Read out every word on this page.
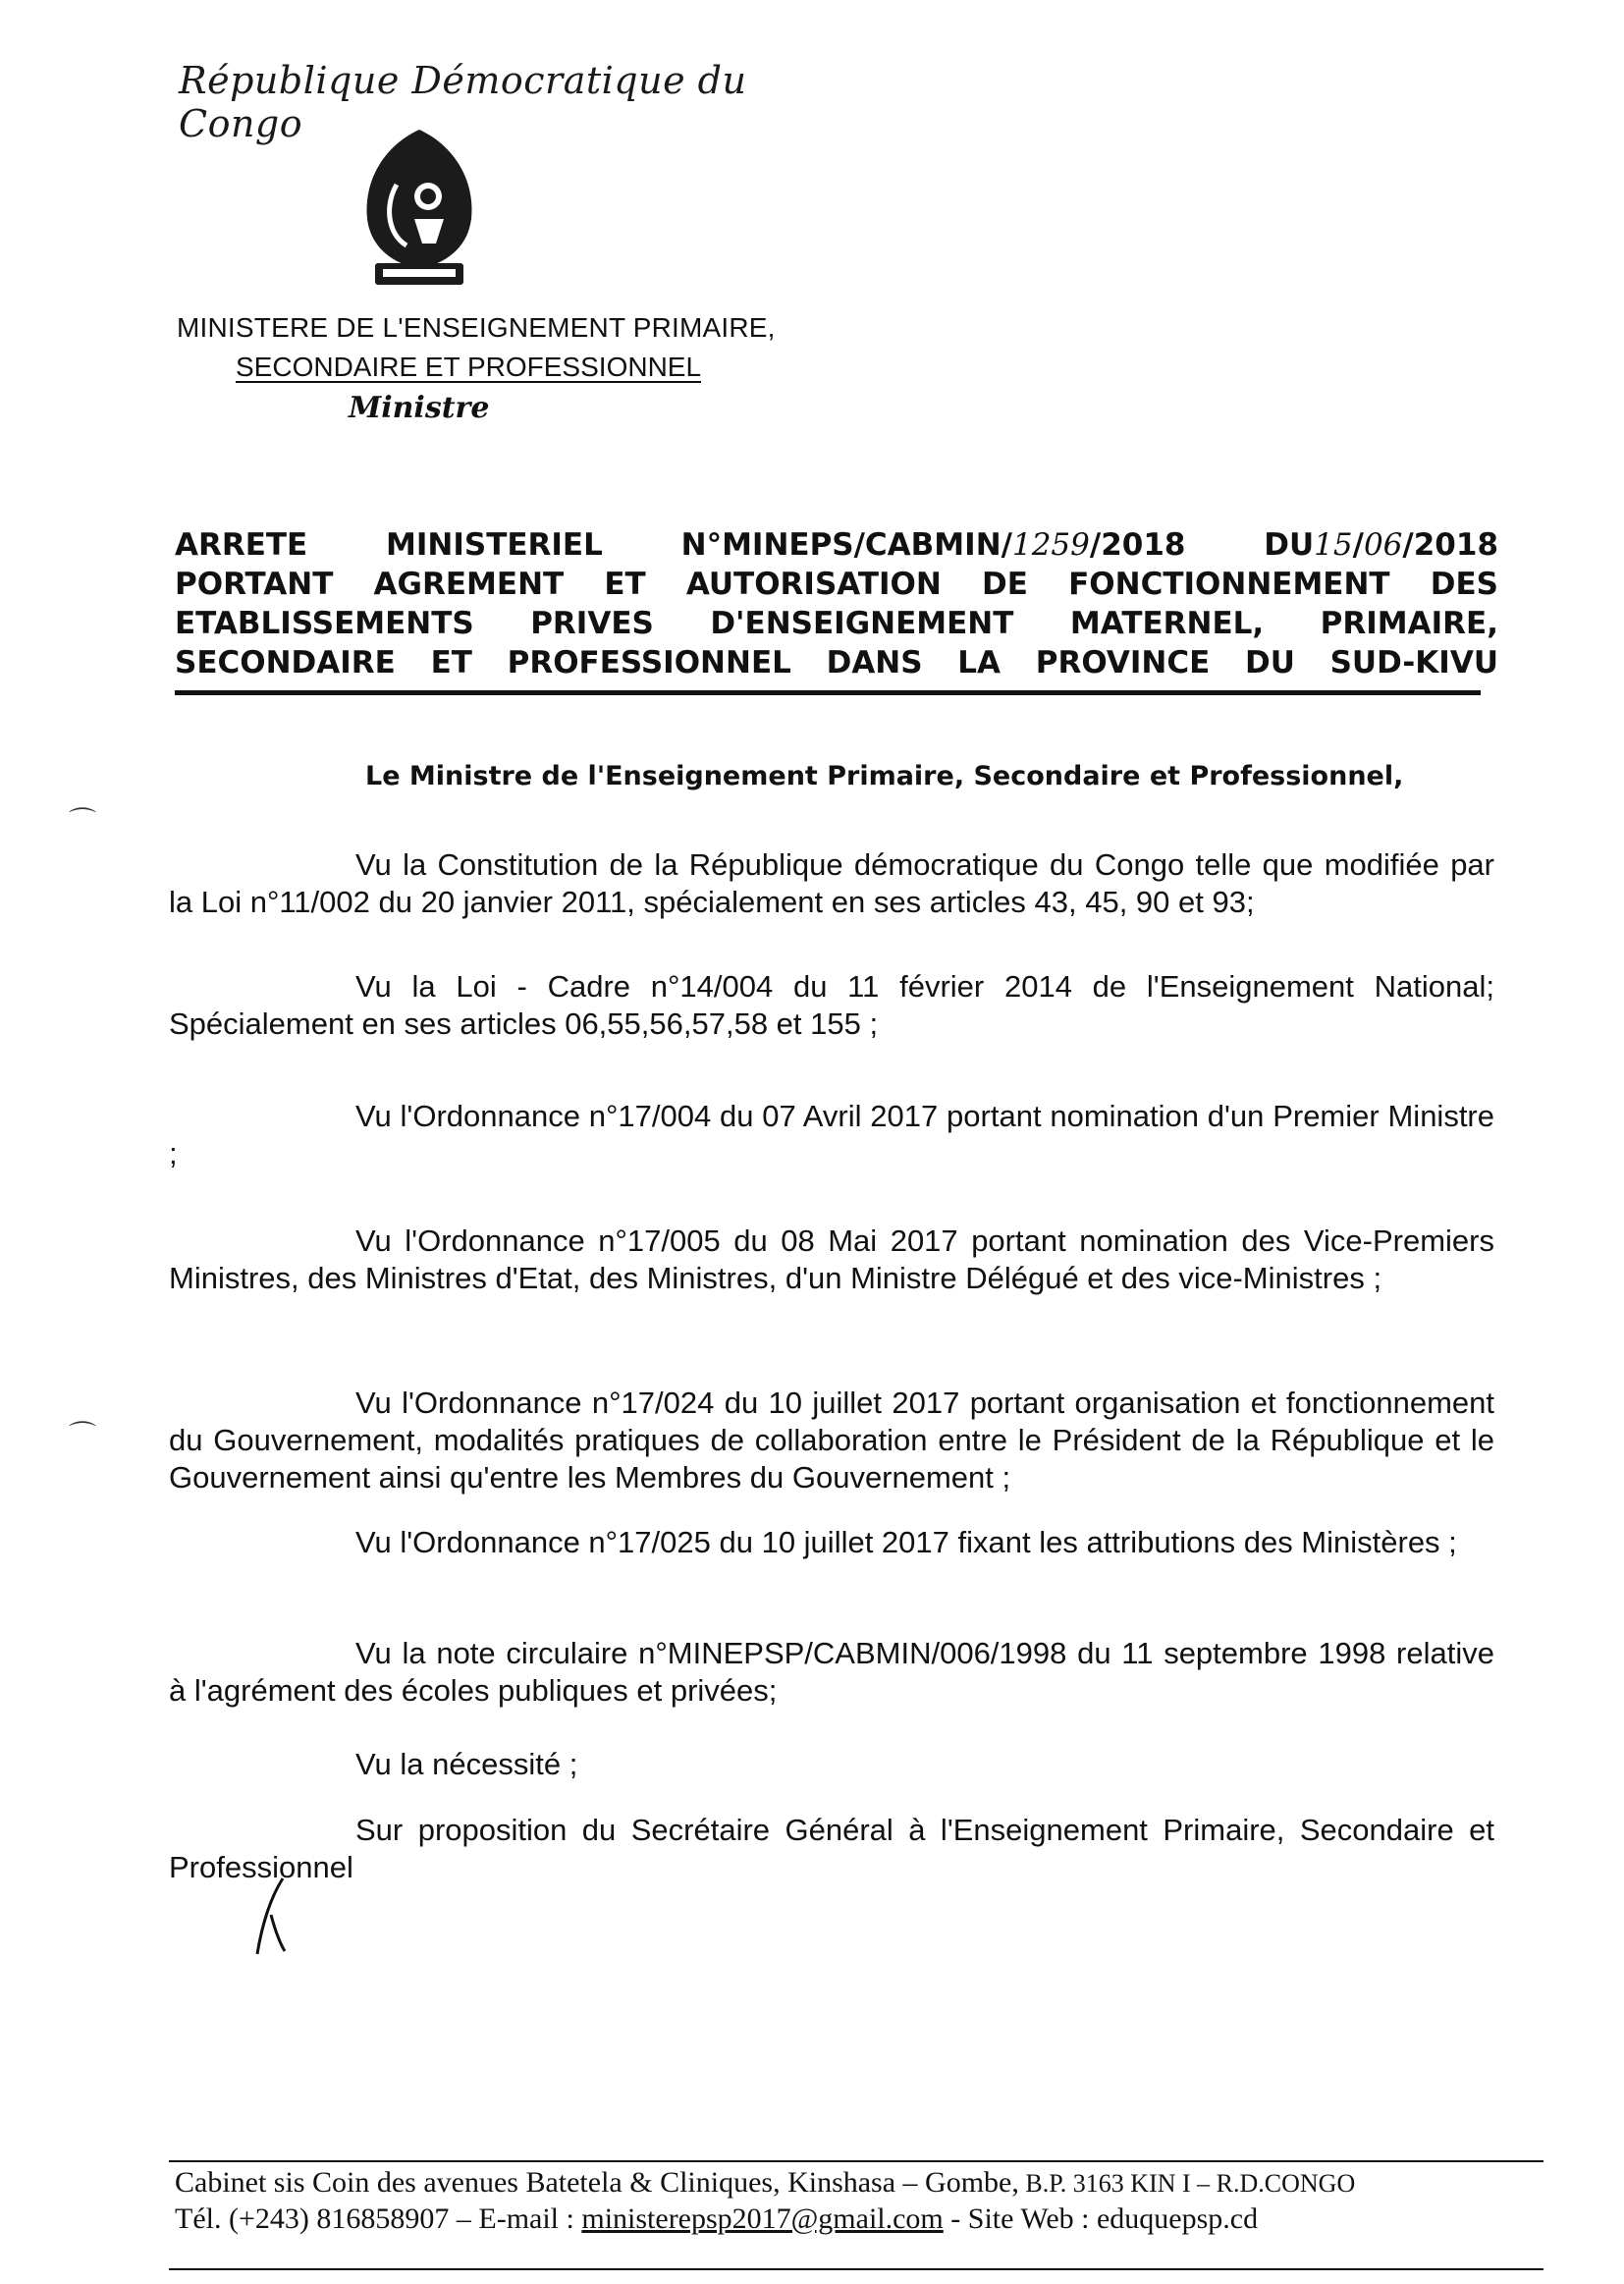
République Démocratique du Congo
MINISTERE DE L'ENSEIGNEMENT PRIMAIRE,
SECONDAIRE ET PROFESSIONNEL
Ministre
ARRETE MINISTERIEL N°MINEPS/CABMIN/1259/2018	DU15/06/2018
PORTANT AGREMENT ET AUTORISATION DE FONCTIONNEMENT DES
ETABLISSEMENTS PRIVES D'ENSEIGNEMENT MATERNEL, PRIMAIRE,
SECONDAIRE ET PROFESSIONNEL DANS LA PROVINCE DU SUD-KIVU
Le Ministre de l'Enseignement Primaire, Secondaire et Professionnel,
⌒
⌒

Vu la Constitution de la République démocratique du Congo telle que modifiée par la Loi n°11/002 du 20 janvier 2011, spécialement en ses articles 43, 45, 90 et 93;

Vu la Loi - Cadre n°14/004 du 11 février 2014 de l'Enseignement National; Spécialement en ses articles 06,55,56,57,58 et 155 ;

Vu l'Ordonnance n°17/004 du 07 Avril 2017 portant nomination d'un Premier Ministre ;

Vu l'Ordonnance n°17/005 du 08 Mai 2017 portant nomination des Vice-Premiers Ministres, des Ministres d'Etat, des Ministres, d'un Ministre Délégué et des vice-Ministres ;

Vu l'Ordonnance n°17/024 du 10 juillet 2017 portant organisation et fonctionnement du Gouvernement, modalités pratiques de collaboration entre le Président de la République et le Gouvernement ainsi qu'entre les Membres du Gouvernement ;

Vu l'Ordonnance n°17/025 du 10 juillet 2017 fixant les attributions des Ministères ;

Vu la note circulaire n°MINEPSP/CABMIN/006/1998 du 11 septembre 1998 relative à l'agrément des écoles publiques et privées;

Vu la nécessité ;

Sur proposition du Secrétaire Général à l'Enseignement Primaire, Secondaire et Professionnel

Cabinet sis Coin des avenues Batetela & Cliniques, Kinshasa – Gombe, B.P. 3163 KIN I – R.D.CONGO
Tél. (+243) 816858907 – E-mail : ministerepsp2017@gmail.com - Site Web : eduquepsp.cd
